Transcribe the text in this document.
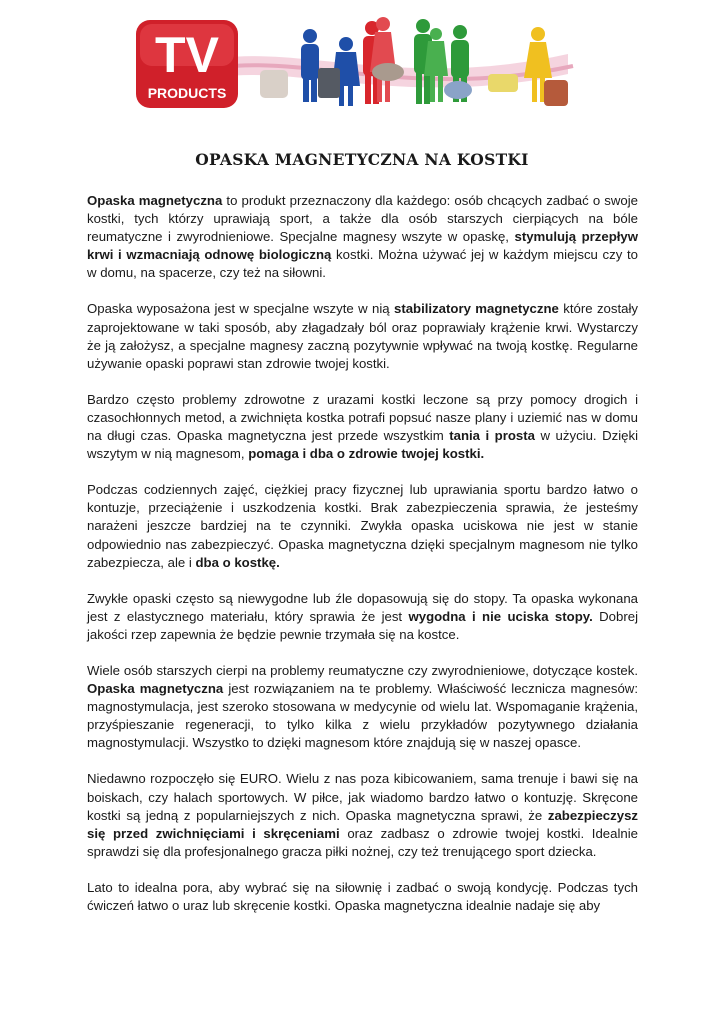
TV
PRODUCTS
OPASKA MAGNETYCZNA NA KOSTKI

Opaska magnetyczna to produkt przeznaczony dla każdego: osób chcących zadbać o swoje kostki, tych którzy uprawiają sport, a także dla osób starszych cierpiących na bóle reumatyczne i zwyrodnieniowe. Specjalne magnesy wszyte w opaskę, stymulują przepływ krwi i wzmacniają odnowę biologiczną kostki. Można używać jej w każdym miejscu czy to w domu, na spacerze, czy też na siłowni.

Opaska wyposażona jest w specjalne wszyte w nią stabilizatory magnetyczne które zostały zaprojektowane w taki sposób, aby złagadzały ból oraz poprawiały krążenie krwi. Wystarczy że ją założysz, a specjalne magnesy zaczną pozytywnie wpływać na twoją kostkę. Regularne używanie opaski poprawi stan zdrowie twojej kostki.

Bardzo często problemy zdrowotne z urazami kostki leczone są przy pomocy drogich i czasochłonnych metod, a zwichnięta kostka potrafi popsuć nasze plany i uziemić nas w domu na długi czas. Opaska magnetyczna jest przede wszystkim tania i prosta w użyciu. Dzięki wszytym w nią magnesom, pomaga i dba o zdrowie twojej kostki.

Podczas codziennych zajęć, ciężkiej pracy fizycznej lub uprawiania sportu bardzo łatwo o kontuzje, przeciążenie i uszkodzenia kostki. Brak zabezpieczenia sprawia, że jesteśmy narażeni jeszcze bardziej na te czynniki. Zwykła opaska uciskowa nie jest w stanie odpowiednio nas zabezpieczyć. Opaska magnetyczna dzięki specjalnym magnesom nie tylko zabezpiecza, ale i dba o kostkę.

Zwykłe opaski często są niewygodne lub źle dopasowują się do stopy. Ta opaska wykonana jest z elastycznego materiału, który sprawia że jest wygodna i nie uciska stopy. Dobrej jakości rzep zapewnia że będzie pewnie trzymała się na kostce.

Wiele osób starszych cierpi na problemy reumatyczne czy zwyrodnieniowe, dotyczące kostek. Opaska magnetyczna jest rozwiązaniem na te problemy. Właściwość lecznicza magnesów: magnostymulacja, jest szeroko stosowana w medycynie od wielu lat. Wspomaganie krążenia, przyśpieszanie regeneracji, to tylko kilka z wielu przykładów pozytywnego działania magnostymulacji. Wszystko to dzięki magnesom które znajdują się w naszej opasce.

Niedawno rozpoczęło się EURO. Wielu z nas poza kibicowaniem, sama trenuje i bawi się na boiskach, czy halach sportowych. W piłce, jak wiadomo bardzo łatwo o kontuzję. Skręcone kostki są jedną z popularniejszych z nich. Opaska magnetyczna sprawi, że zabezpieczysz się przed zwichnięciami i skręceniami oraz zadbasz o zdrowie twojej kostki. Idealnie sprawdzi się dla profesjonalnego gracza piłki nożnej, czy też trenującego sport dziecka.

Lato to idealna pora, aby wybrać się na siłownię i zadbać o swoją kondycję. Podczas tych ćwiczeń łatwo o uraz lub skręcenie kostki. Opaska magnetyczna idealnie nadaje się aby
